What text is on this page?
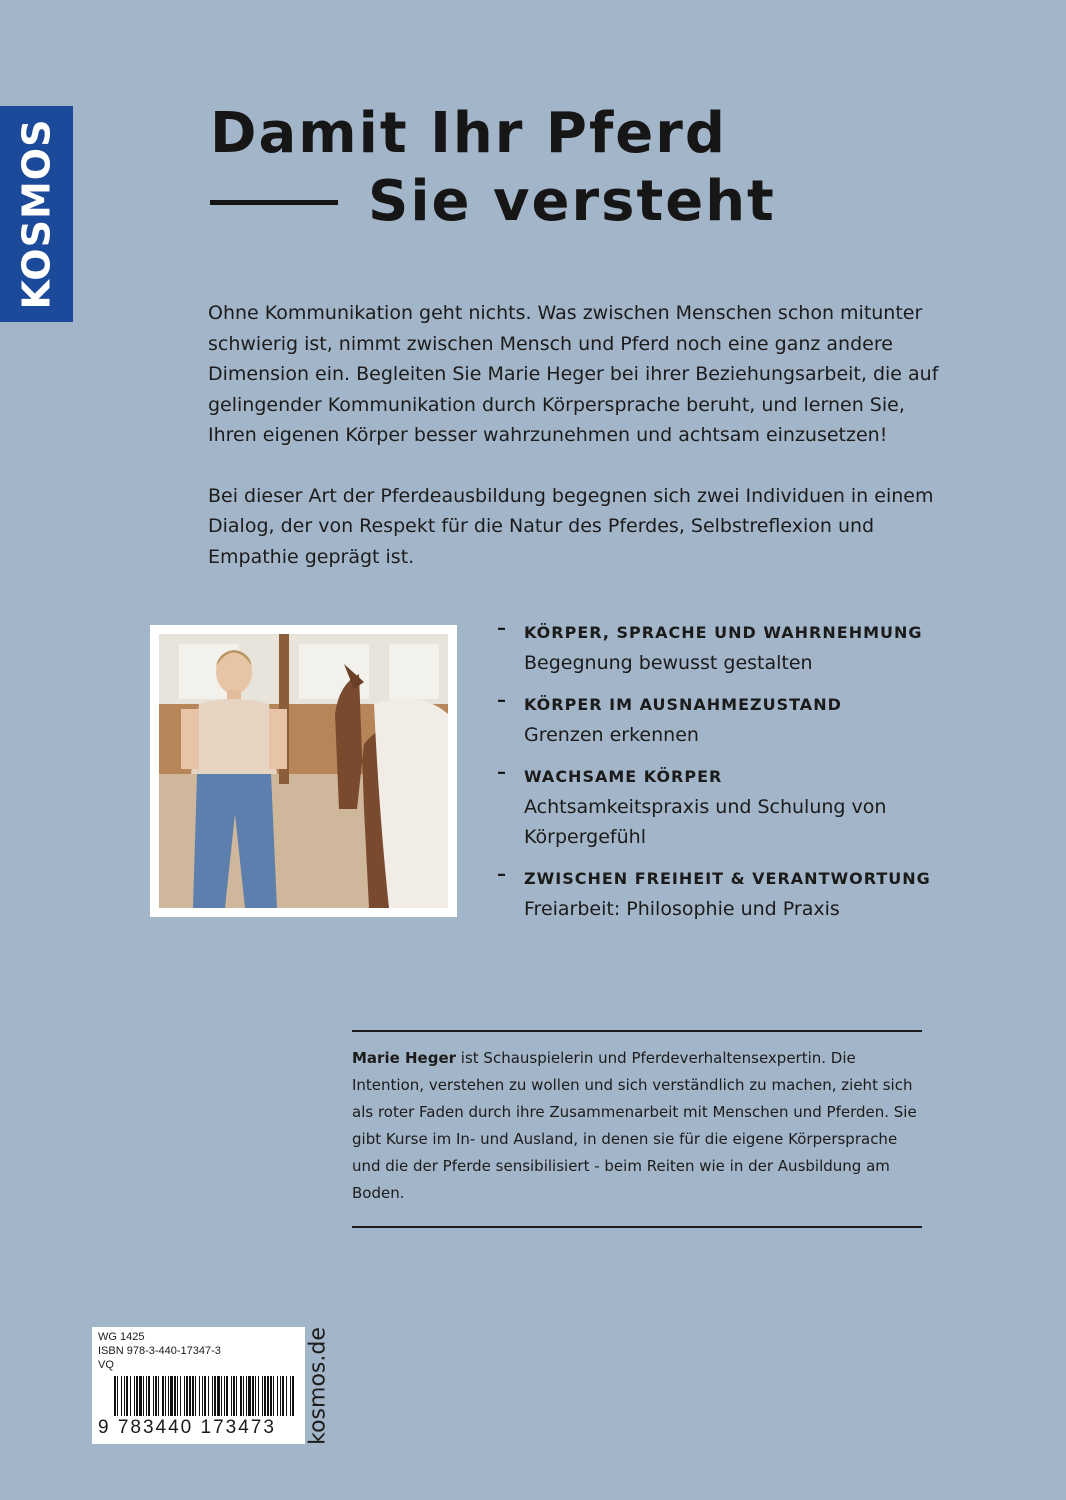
KOSMOS	Damit Ihr Pferd
Sie versteht

Ohne Kommunikation geht nichts. Was zwischen Menschen schon mitunter schwierig ist, nimmt zwischen Mensch und Pferd noch eine ganz andere Dimension ein. Begleiten Sie Marie Heger bei ihrer Beziehungsarbeit, die auf gelingender Kommunikation durch Körpersprache beruht, und lernen Sie, Ihren eigenen Körper besser wahrzunehmen und achtsam einzusetzen!

Bei dieser Art der Pferdeausbildung begegnen sich zwei Individuen in einem Dialog, der von Respekt für die Natur des Pferdes, Selbstreflexion und Empathie geprägt ist.

– KÖRPER, SPRACHE UND WAHRNEHMUNG
Begegnung bewusst gestalten
– KÖRPER IM AUSNAHMEZUSTAND
Grenzen erkennen
– WACHSAME KÖRPER
Achtsamkeitspraxis und Schulung von Körpergefühl
– ZWISCHEN FREIHEIT & VERANTWORTUNG
Freiarbeit: Philosophie und Praxis
Marie Heger ist Schauspielerin und Pferdeverhaltensexpertin. Die Intention, verstehen zu wollen und sich verständlich zu machen, zieht sich als roter Faden durch ihre Zusammenarbeit mit Menschen und Pferden. Sie gibt Kurse im In- und Ausland, in denen sie für die eigene Körpersprache und die der Pferde sensibilisiert - beim Reiten wie in der Ausbildung am Boden.
WG 1425
ISBN 978-3-440-17347-3
VQ
9 783440 173473 kosmos.de
